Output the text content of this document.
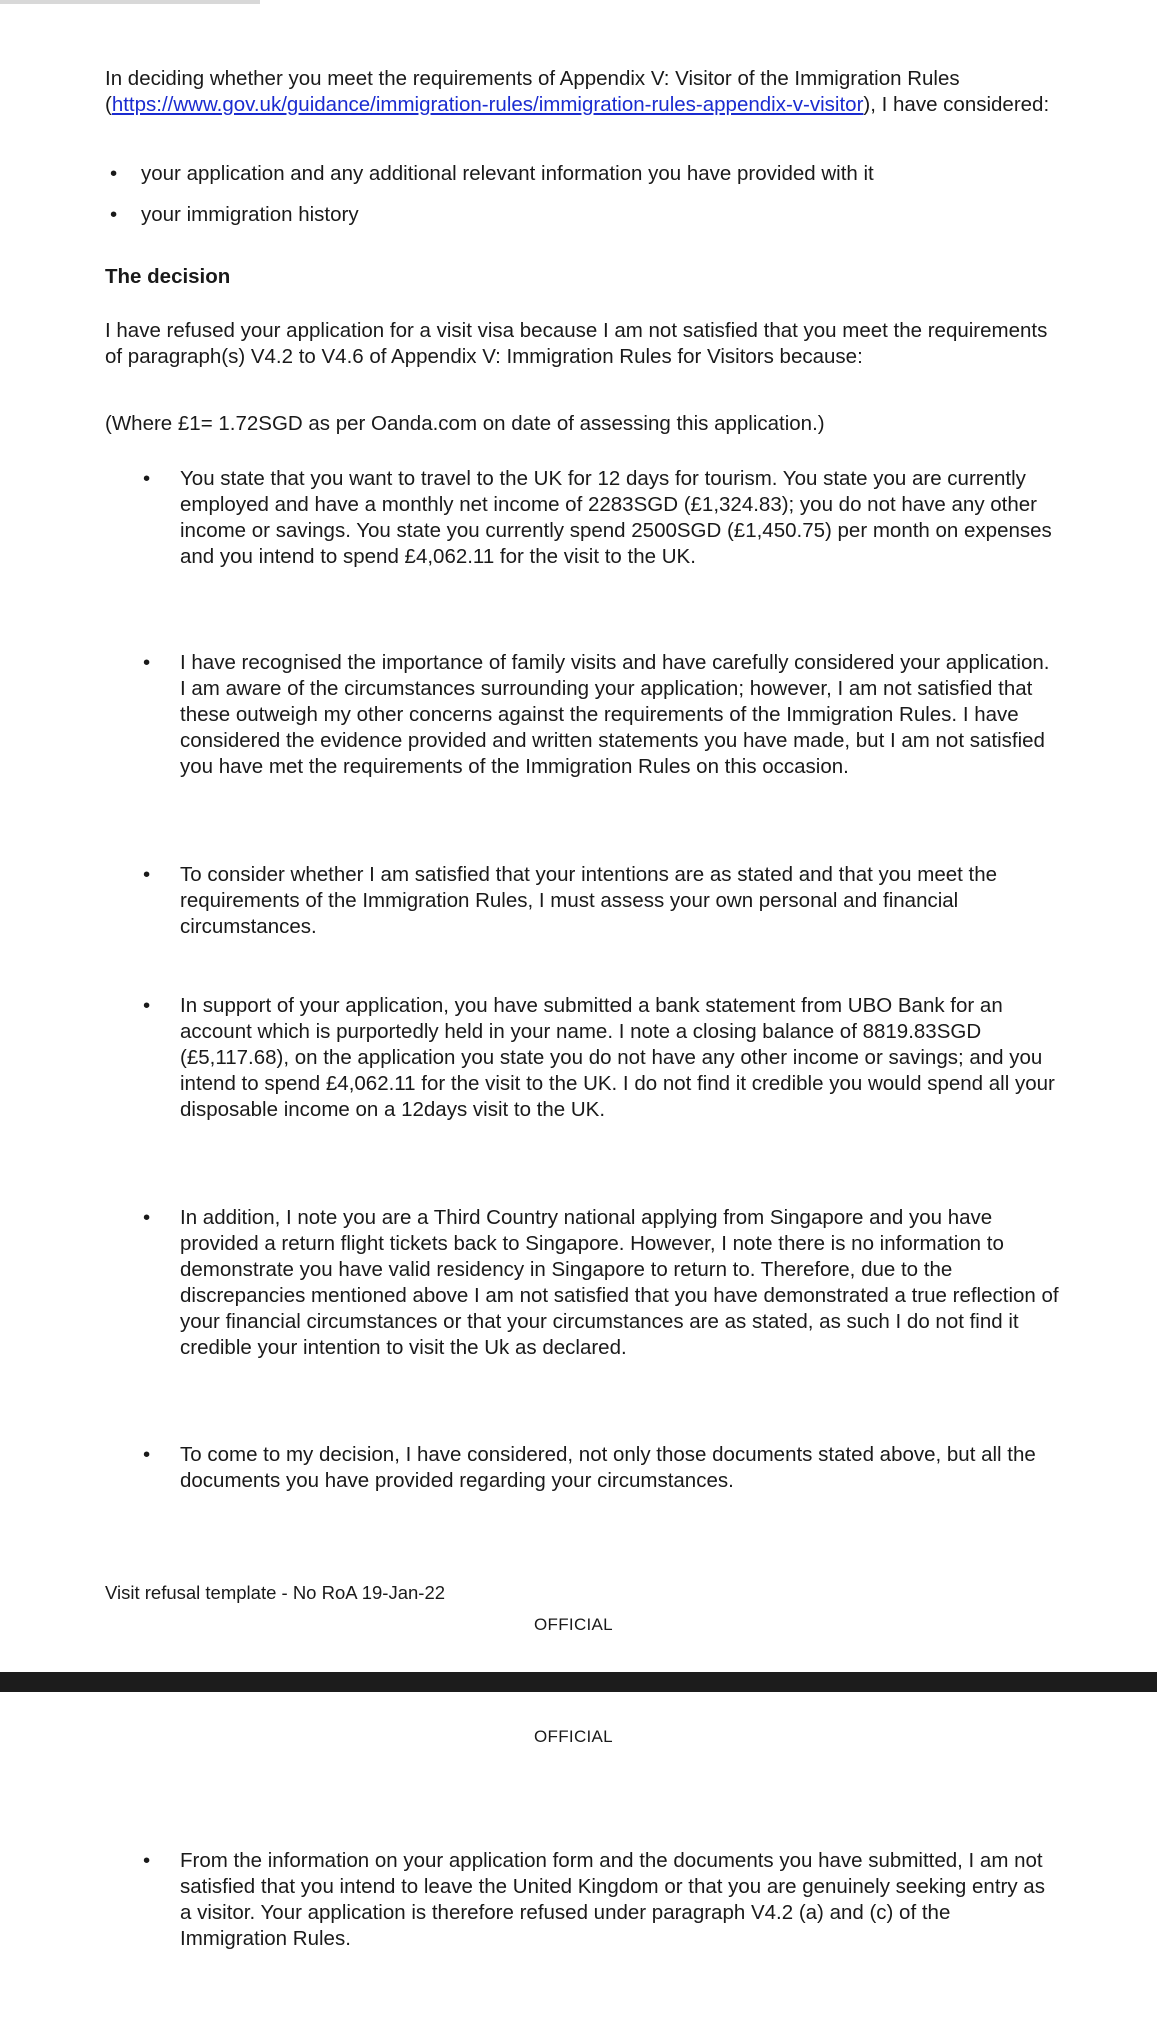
In deciding whether you meet the requirements of Appendix V: Visitor of the Immigration Rules (https://www.gov.uk/guidance/immigration-rules/immigration-rules-appendix-v-visitor), I have considered:

• your application and any additional relevant information you have provided with it
• your immigration history

The decision

I have refused your application for a visit visa because I am not satisfied that you meet the requirements of paragraph(s) V4.2 to V4.6 of Appendix V: Immigration Rules for Visitors because:

(Where £1= 1.72SGD as per Oanda.com on date of assessing this application.)

• You state that you want to travel to the UK for 12 days for tourism. You state you are currently employed and have a monthly net income of 2283SGD (£1,324.83); you do not have any other income or savings. You state you currently spend 2500SGD (£1,450.75) per month on expenses and you intend to spend £4,062.11 for the visit to the UK.
• I have recognised the importance of family visits and have carefully considered your application. I am aware of the circumstances surrounding your application; however, I am not satisfied that these outweigh my other concerns against the requirements of the Immigration Rules. I have considered the evidence provided and written statements you have made, but I am not satisfied you have met the requirements of the Immigration Rules on this occasion.
• To consider whether I am satisfied that your intentions are as stated and that you meet the requirements of the Immigration Rules, I must assess your own personal and financial circumstances.
• In support of your application, you have submitted a bank statement from UBO Bank for an account which is purportedly held in your name. I note a closing balance of 8819.83SGD (£5,117.68), on the application you state you do not have any other income or savings; and you intend to spend £4,062.11 for the visit to the UK. I do not find it credible you would spend all your disposable income on a 12days visit to the UK.
• In addition, I note you are a Third Country national applying from Singapore and you have provided a return flight tickets back to Singapore. However, I note there is no information to demonstrate you have valid residency in Singapore to return to. Therefore, due to the discrepancies mentioned above I am not satisfied that you have demonstrated a true reflection of your financial circumstances or that your circumstances are as stated, as such I do not find it credible your intention to visit the Uk as declared.
• To come to my decision, I have considered, not only those documents stated above, but all the documents you have provided regarding your circumstances.
Visit refusal template - No RoA 19-Jan-22
OFFICIAL
OFFICIAL
• From the information on your application form and the documents you have submitted, I am not satisfied that you intend to leave the United Kingdom or that you are genuinely seeking entry as a visitor. Your application is therefore refused under paragraph V4.2 (a) and (c) of the Immigration Rules.
